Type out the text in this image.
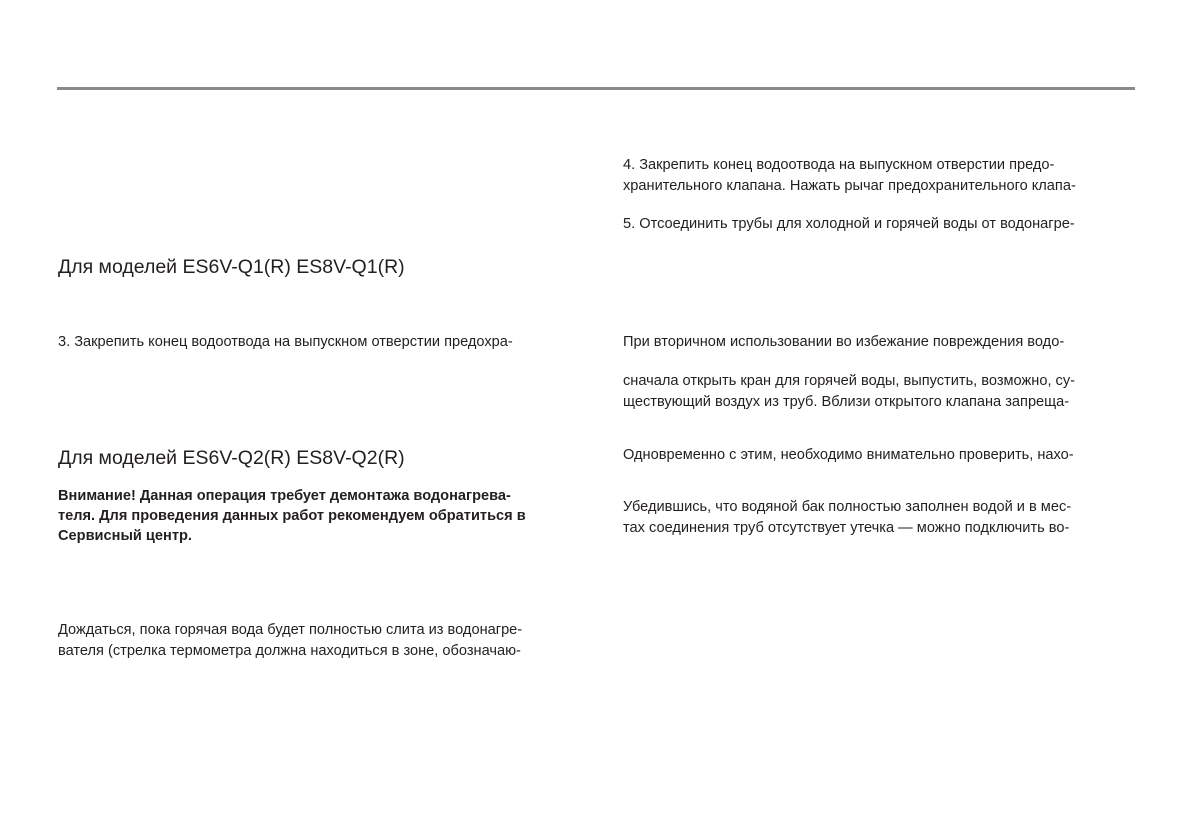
Для моделей ES6V-Q1(R) ES8V-Q1(R)
3. Закрепить конец водоотвода на выпускном отверстии предохра-
Для моделей ES6V-Q2(R) ES8V-Q2(R)
Внимание! Данная операция требует демонтажа водонагрева-
теля. Для проведения данных работ рекомендуем обратиться в
Сервисный центр.
Дождаться, пока горячая вода будет полностью слита из водонагре-
вателя (стрелка термометра должна находиться в зоне, обозначаю-
4. Закрепить конец водоотвода на выпускном отверстии предо-
хранительного клапана. Нажать рычаг предохранительного клапа-
5. Отсоединить трубы для холодной и горячей воды от водонагре-
При вторичном использовании во избежание повреждения водо-
сначала открыть кран для горячей воды, выпустить, возможно, су-
ществующий воздух из труб. Вблизи открытого клапана запреща-
Одновременно с этим, необходимо внимательно проверить, нахо-
Убедившись, что водяной бак полностью заполнен водой и в мес-
тах соединения труб отсутствует утечка — можно подключить во-
